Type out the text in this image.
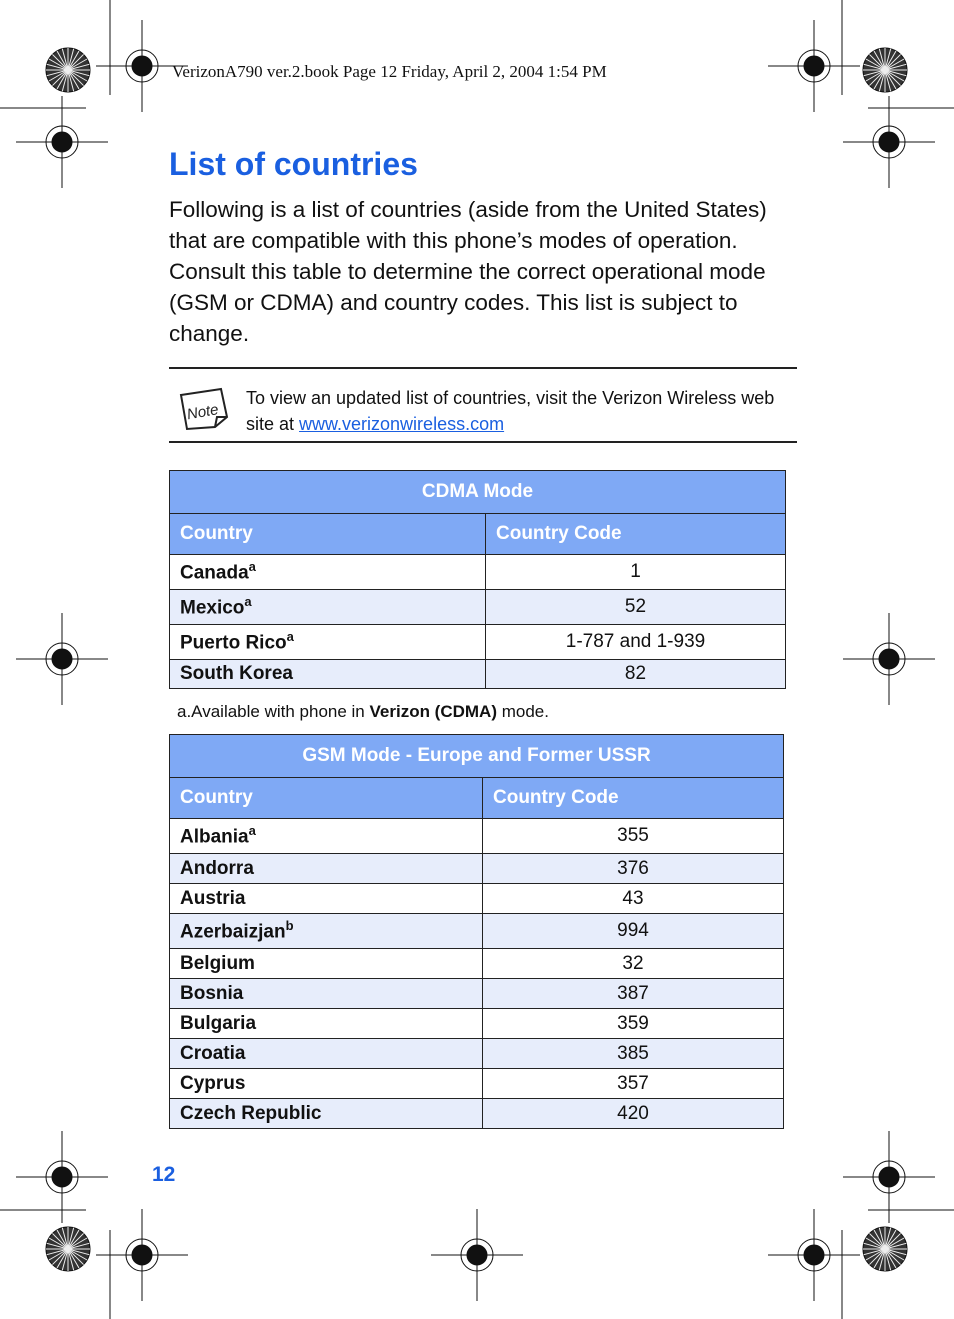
VerizonA790 ver.2.book Page 12 Friday, April 2, 2004 1:54 PM
List of countries

Following is a list of countries (aside from the United States) that are compatible with this phone’s modes of operation. Consult this table to determine the correct operational mode (GSM or CDMA) and country codes. This list is subject to change.

Note
To view an updated list of countries, visit the Verizon Wireless web site at www.verizonwireless.com
CDMA Mode	
Country	Country Code
Canada$^a$	1
Mexico$^a$	52
Puerto Rico$^a$	1-787 and 1-939
South Korea	82
a.Available with phone in Verizon (CDMA) mode.
GSM Mode - Europe and Former USSR	
Country	Country Code
Albania$^a$	355
Andorra	376
Austria	43
Azerbaizjan$^b$	994
Belgium	32
Bosnia	387
Bulgaria	359
Croatia	385
Cyprus	357
Czech Republic	420
12
